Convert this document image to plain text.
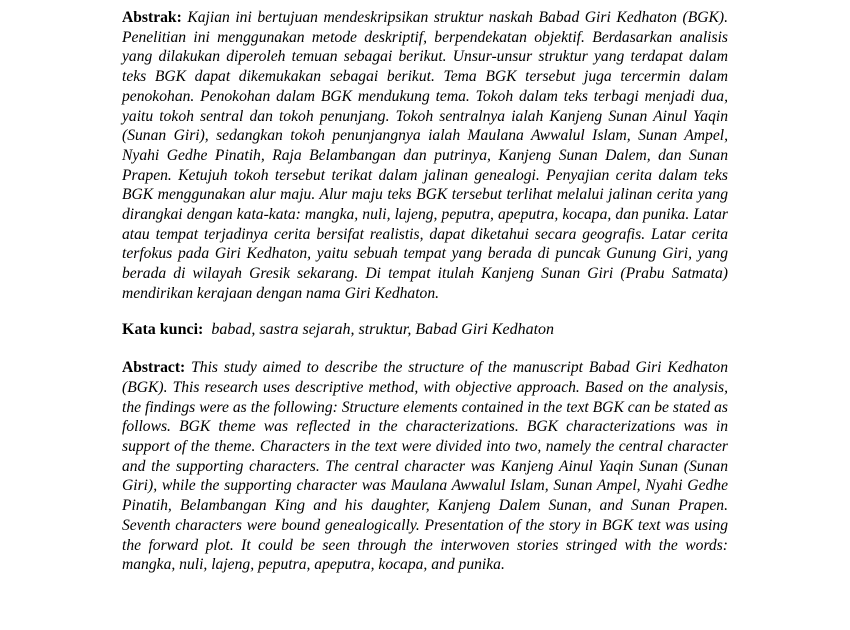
Abstrak: Kajian ini bertujuan mendeskripsikan struktur naskah Babad Giri Kedhaton (BGK). Penelitian ini menggunakan metode deskriptif, berpendekatan objektif. Berdasarkan analisis yang dilakukan diperoleh temuan sebagai berikut. Unsur-unsur struktur yang terdapat dalam teks BGK dapat dikemukakan sebagai berikut. Tema BGK tersebut juga tercermin dalam penokohan. Penokohan dalam BGK mendukung tema. Tokoh dalam teks terbagi menjadi dua, yaitu tokoh sentral dan tokoh penunjang. Tokoh sentralnya ialah Kanjeng Sunan Ainul Yaqin (Sunan Giri), sedangkan tokoh penunjangnya ialah Maulana Awwalul Islam, Sunan Ampel, Nyahi Gedhe Pinatih, Raja Belambangan dan putrinya, Kanjeng Sunan Dalem, dan Sunan Prapen. Ketujuh tokoh tersebut terikat dalam jalinan genealogi. Penyajian cerita dalam teks BGK menggunakan alur maju. Alur maju teks BGK tersebut terlihat melalui jalinan cerita yang dirangkai dengan kata-kata: mangka, nuli, lajeng, peputra, apeputra, kocapa, dan punika. Latar atau tempat terjadinya cerita bersifat realistis, dapat diketahui secara geografis. Latar cerita terfokus pada Giri Kedhaton, yaitu sebuah tempat yang berada di puncak Gunung Giri, yang berada di wilayah Gresik sekarang. Di tempat itulah Kanjeng Sunan Giri (Prabu Satmata) mendirikan kerajaan dengan nama Giri Kedhaton.

Kata kunci: babad, sastra sejarah, struktur, Babad Giri Kedhaton

Abstract: This study aimed to describe the structure of the manuscript Babad Giri Kedhaton (BGK). This research uses descriptive method, with objective approach. Based on the analysis, the findings were as the following: Structure elements contained in the text BGK can be stated as follows. BGK theme was reflected in the characterizations. BGK characterizations was in support of the theme. Characters in the text were divided into two, namely the central character and the supporting characters. The central character was Kanjeng Ainul Yaqin Sunan (Sunan Giri), while the supporting character was Maulana Awwalul Islam, Sunan Ampel, Nyahi Gedhe Pinatih, Belambangan King and his daughter, Kanjeng Dalem Sunan, and Sunan Prapen. Seventh characters were bound genealogically. Presentation of the story in BGK text was using the forward plot. It could be seen through the interwoven stories stringed with the words: mangka, nuli, lajeng, peputra, apeputra, kocapa, and punika.
